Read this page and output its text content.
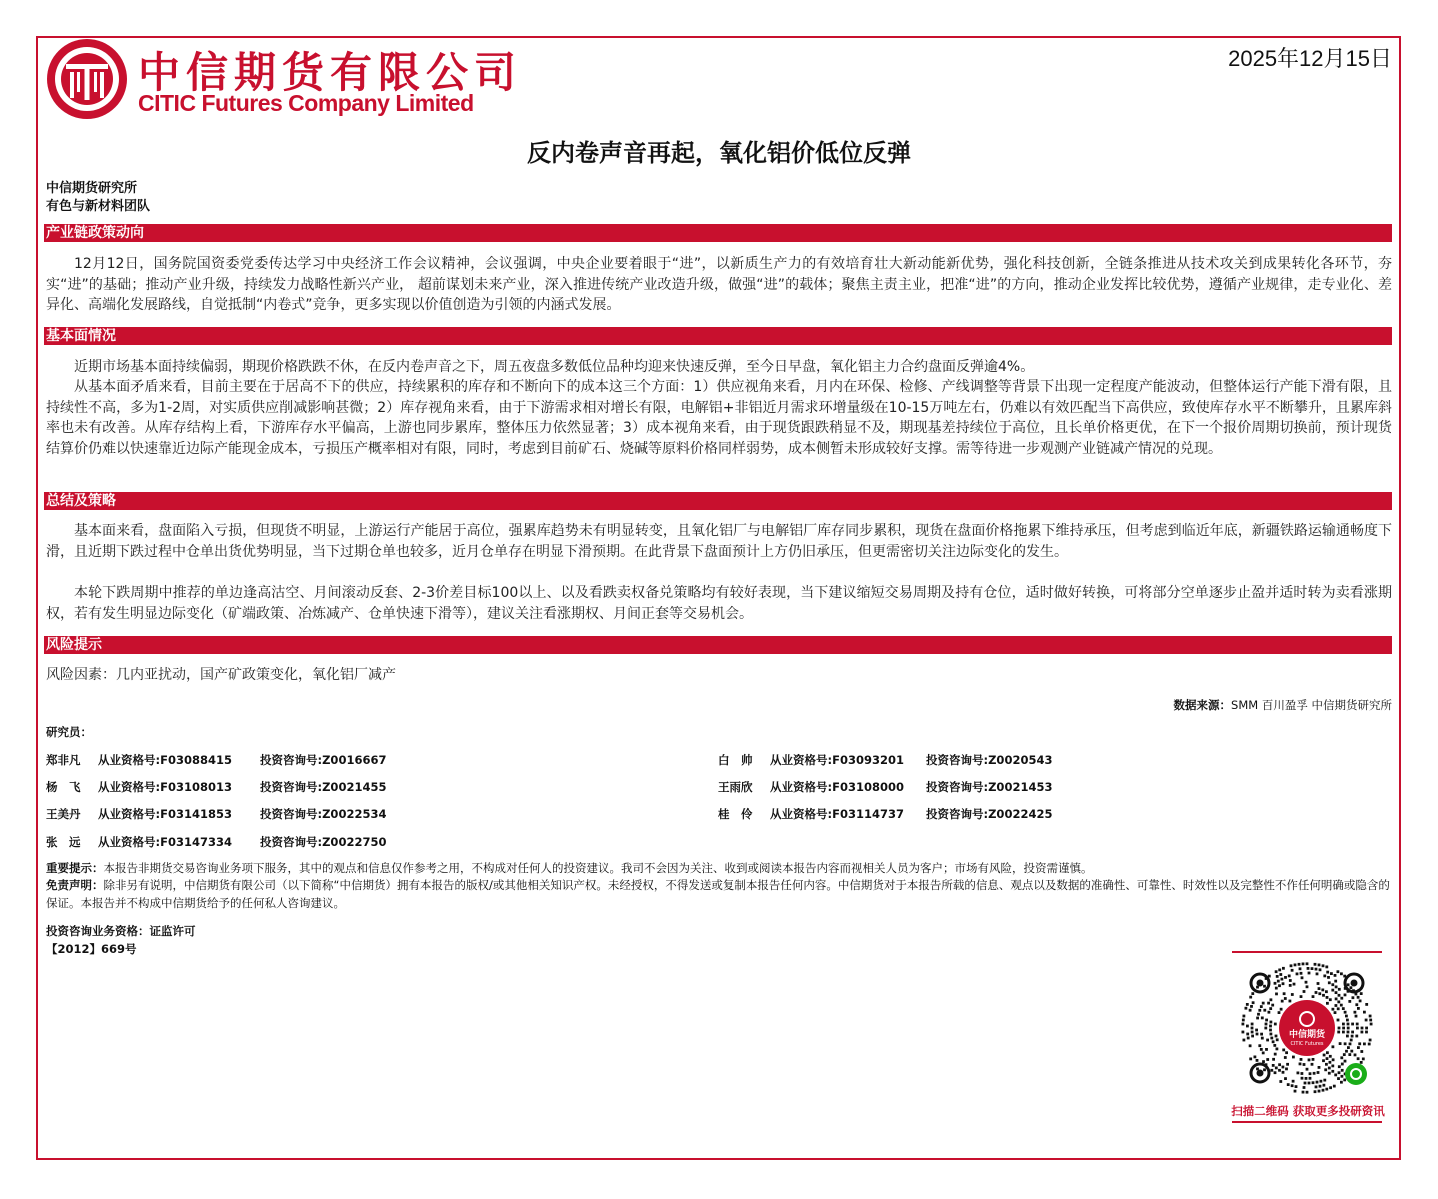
中信期货有限公司
CITIC Futures Company Limited
2025年12月15日
反内卷声音再起，氧化铝价低位反弹
中信期货研究所
有色与新材料团队
产业链政策动向

12月12日，国务院国资委党委传达学习中央经济工作会议精神，会议强调，中央企业要着眼于“进”，以新质生产力的有效培育壮大新动能新优势，强化科技创新，全链条推进从技术攻关到成果转化各环节，夯实“进”的基础；推动产业升级，持续发力战略性新兴产业， 超前谋划未来产业，深入推进传统产业改造升级，做强“进”的载体；聚焦主责主业，把准“进”的方向，推动企业发挥比较优势，遵循产业规律，走专业化、差异化、高端化发展路线，自觉抵制“内卷式”竞争，更多实现以价值创造为引领的内涵式发展。

基本面情况

近期市场基本面持续偏弱，期现价格跌跌不休，在反内卷声音之下，周五夜盘多数低位品种均迎来快速反弹，至今日早盘，氧化铝主力合约盘面反弹逾4%。

从基本面矛盾来看，目前主要在于居高不下的供应，持续累积的库存和不断向下的成本这三个方面：1）供应视角来看，月内在环保、检修、产线调整等背景下出现一定程度产能波动，但整体运行产能下滑有限，且持续性不高，多为1-2周，对实质供应削减影响甚微；2）库存视角来看，由于下游需求相对增长有限，电解铝+非铝近月需求环增量级在10-15万吨左右，仍难以有效匹配当下高供应，致使库存水平不断攀升，且累库斜率也未有改善。从库存结构上看，下游库存水平偏高，上游也同步累库，整体压力依然显著；3）成本视角来看，由于现货跟跌稍显不及，期现基差持续位于高位，且长单价格更优，在下一个报价周期切换前，预计现货结算价仍难以快速靠近边际产能现金成本，亏损压产概率相对有限，同时，考虑到目前矿石、烧碱等原料价格同样弱势，成本侧暂未形成较好支撑。需等待进一步观测产业链减产情况的兑现。

总结及策略

基本面来看，盘面陷入亏损，但现货不明显，上游运行产能居于高位，强累库趋势未有明显转变，且氧化铝厂与电解铝厂库存同步累积，现货在盘面价格拖累下维持承压，但考虑到临近年底，新疆铁路运输通畅度下滑，且近期下跌过程中仓单出货优势明显，当下过期仓单也较多，近月仓单存在明显下滑预期。在此背景下盘面预计上方仍旧承压，但更需密切关注边际变化的发生。

本轮下跌周期中推荐的单边逢高沽空、月间滚动反套、2-3价差目标100以上、以及看跌卖权备兑策略均有较好表现，当下建议缩短交易周期及持有仓位，适时做好转换，可将部分空单逐步止盈并适时转为卖看涨期权，若有发生明显边际变化（矿端政策、冶炼减产、仓单快速下滑等），建议关注看涨期权、月间正套等交易机会。

风险提示
风险因素：几内亚扰动，国产矿政策变化，氧化铝厂减产
数据来源：SMM 百川盈孚 中信期货研究所
研究员：
郑非凡 从业资格号:F03088415 投资咨询号:Z0016667
杨　飞 从业资格号:F03108013 投资咨询号:Z0021455
王美丹 从业资格号:F03141853 投资咨询号:Z0022534
张　远 从业资格号:F03147334 投资咨询号:Z0022750
白　帅 从业资格号:F03093201 投资咨询号:Z0020543
王雨欣 从业资格号:F03108000 投资咨询号:Z0021453
桂　伶 从业资格号:F03114737 投资咨询号:Z0022425

重要提示：本报告非期货交易咨询业务项下服务，其中的观点和信息仅作参考之用，不构成对任何人的投资建议。我司不会因为关注、收到或阅读本报告内容而视相关人员为客户；市场有风险，投资需谨慎。

免责声明：除非另有说明，中信期货有限公司（以下简称“中信期货）拥有本报告的版权/或其他相关知识产权。未经授权，不得发送或复制本报告任何内容。中信期货对于本报告所载的信息、观点以及数据的准确性、可靠性、时效性以及完整性不作任何明确或隐含的保证。本报告并不构成中信期货给予的任何私人咨询建议。

投资咨询业务资格：证监许可
【2012】669号
中信期货
CITIC Futures
扫描二维码 获取更多投研资讯
